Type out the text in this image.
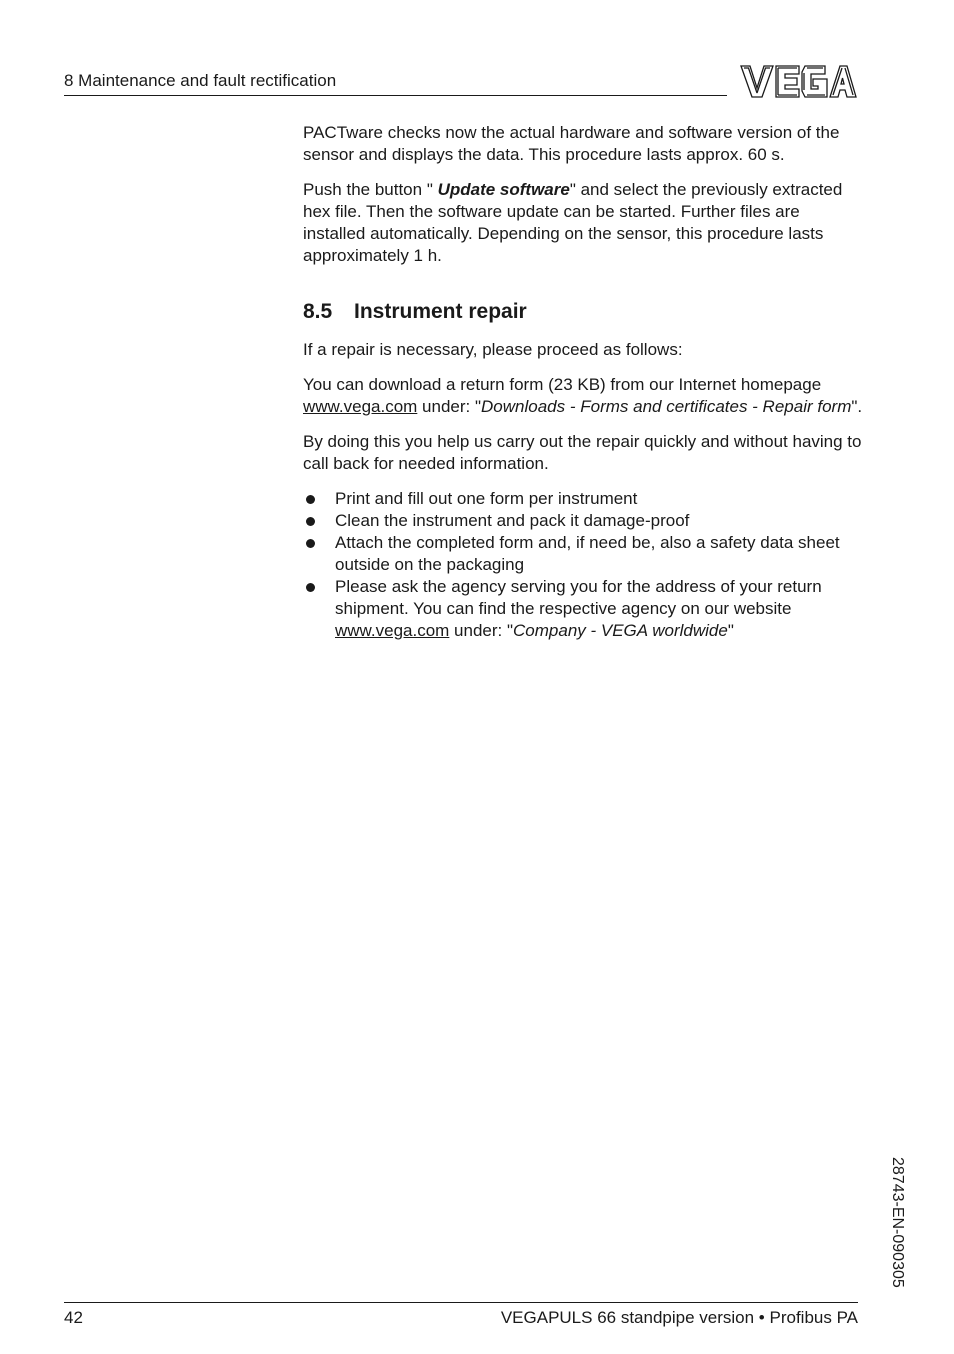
8 Maintenance and fault rectification

PACTware checks now the actual hardware and software version of the sensor and displays the data. This procedure lasts approx. 60 s.

Push the button " Update software" and select the previously extracted hex file. Then the software update can be started. Further files are installed automatically. Depending on the sensor, this procedure lasts approximately 1 h.

8.5 Instrument repair

If a repair is necessary, please proceed as follows:

You can download a return form (23 KB) from our Internet homepage www.vega.com under: "Downloads - Forms and certificates - Repair form".

By doing this you help us carry out the repair quickly and without having to call back for needed information.

Print and fill out one form per instrument
Clean the instrument and pack it damage-proof
Attach the completed form and, if need be, also a safety data sheet outside on the packaging
Please ask the agency serving you for the address of your return shipment. You can find the respective agency on our website www.vega.com under: "Company - VEGA worldwide"
28743-EN-090305
42	VEGAPULS 66 standpipe version • Profibus PA
